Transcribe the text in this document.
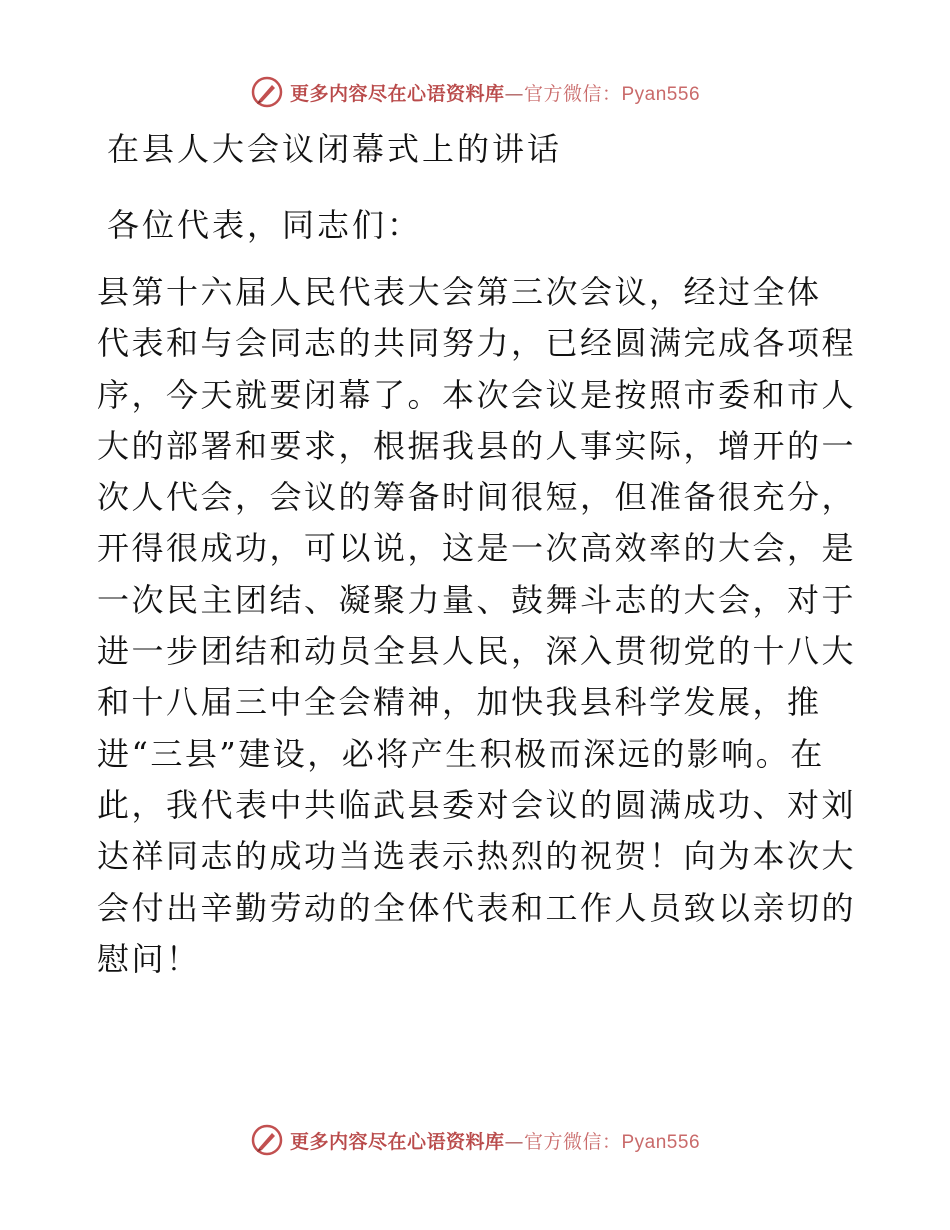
更多内容尽在心语资料库—官方微信：Pyan556
在县人大会议闭幕式上的讲话
各位代表，同志们：
县第十六届人民代表大会第三次会议，经过全体
代表和与会同志的共同努力，已经圆满完成各项程
序，今天就要闭幕了。本次会议是按照市委和市人
大的部署和要求，根据我县的人事实际，增开的一
次人代会，会议的筹备时间很短，但准备很充分，
开得很成功，可以说，这是一次高效率的大会，是
一次民主团结、凝聚力量、鼓舞斗志的大会，对于
进一步团结和动员全县人民，深入贯彻党的十八大
和十八届三中全会精神，加快我县科学发展，推
进“三县”建设，必将产生积极而深远的影响。在
此，我代表中共临武县委对会议的圆满成功、对刘
达祥同志的成功当选表示热烈的祝贺！向为本次大
会付出辛勤劳动的全体代表和工作人员致以亲切的
慰问！
更多内容尽在心语资料库—官方微信：Pyan556
